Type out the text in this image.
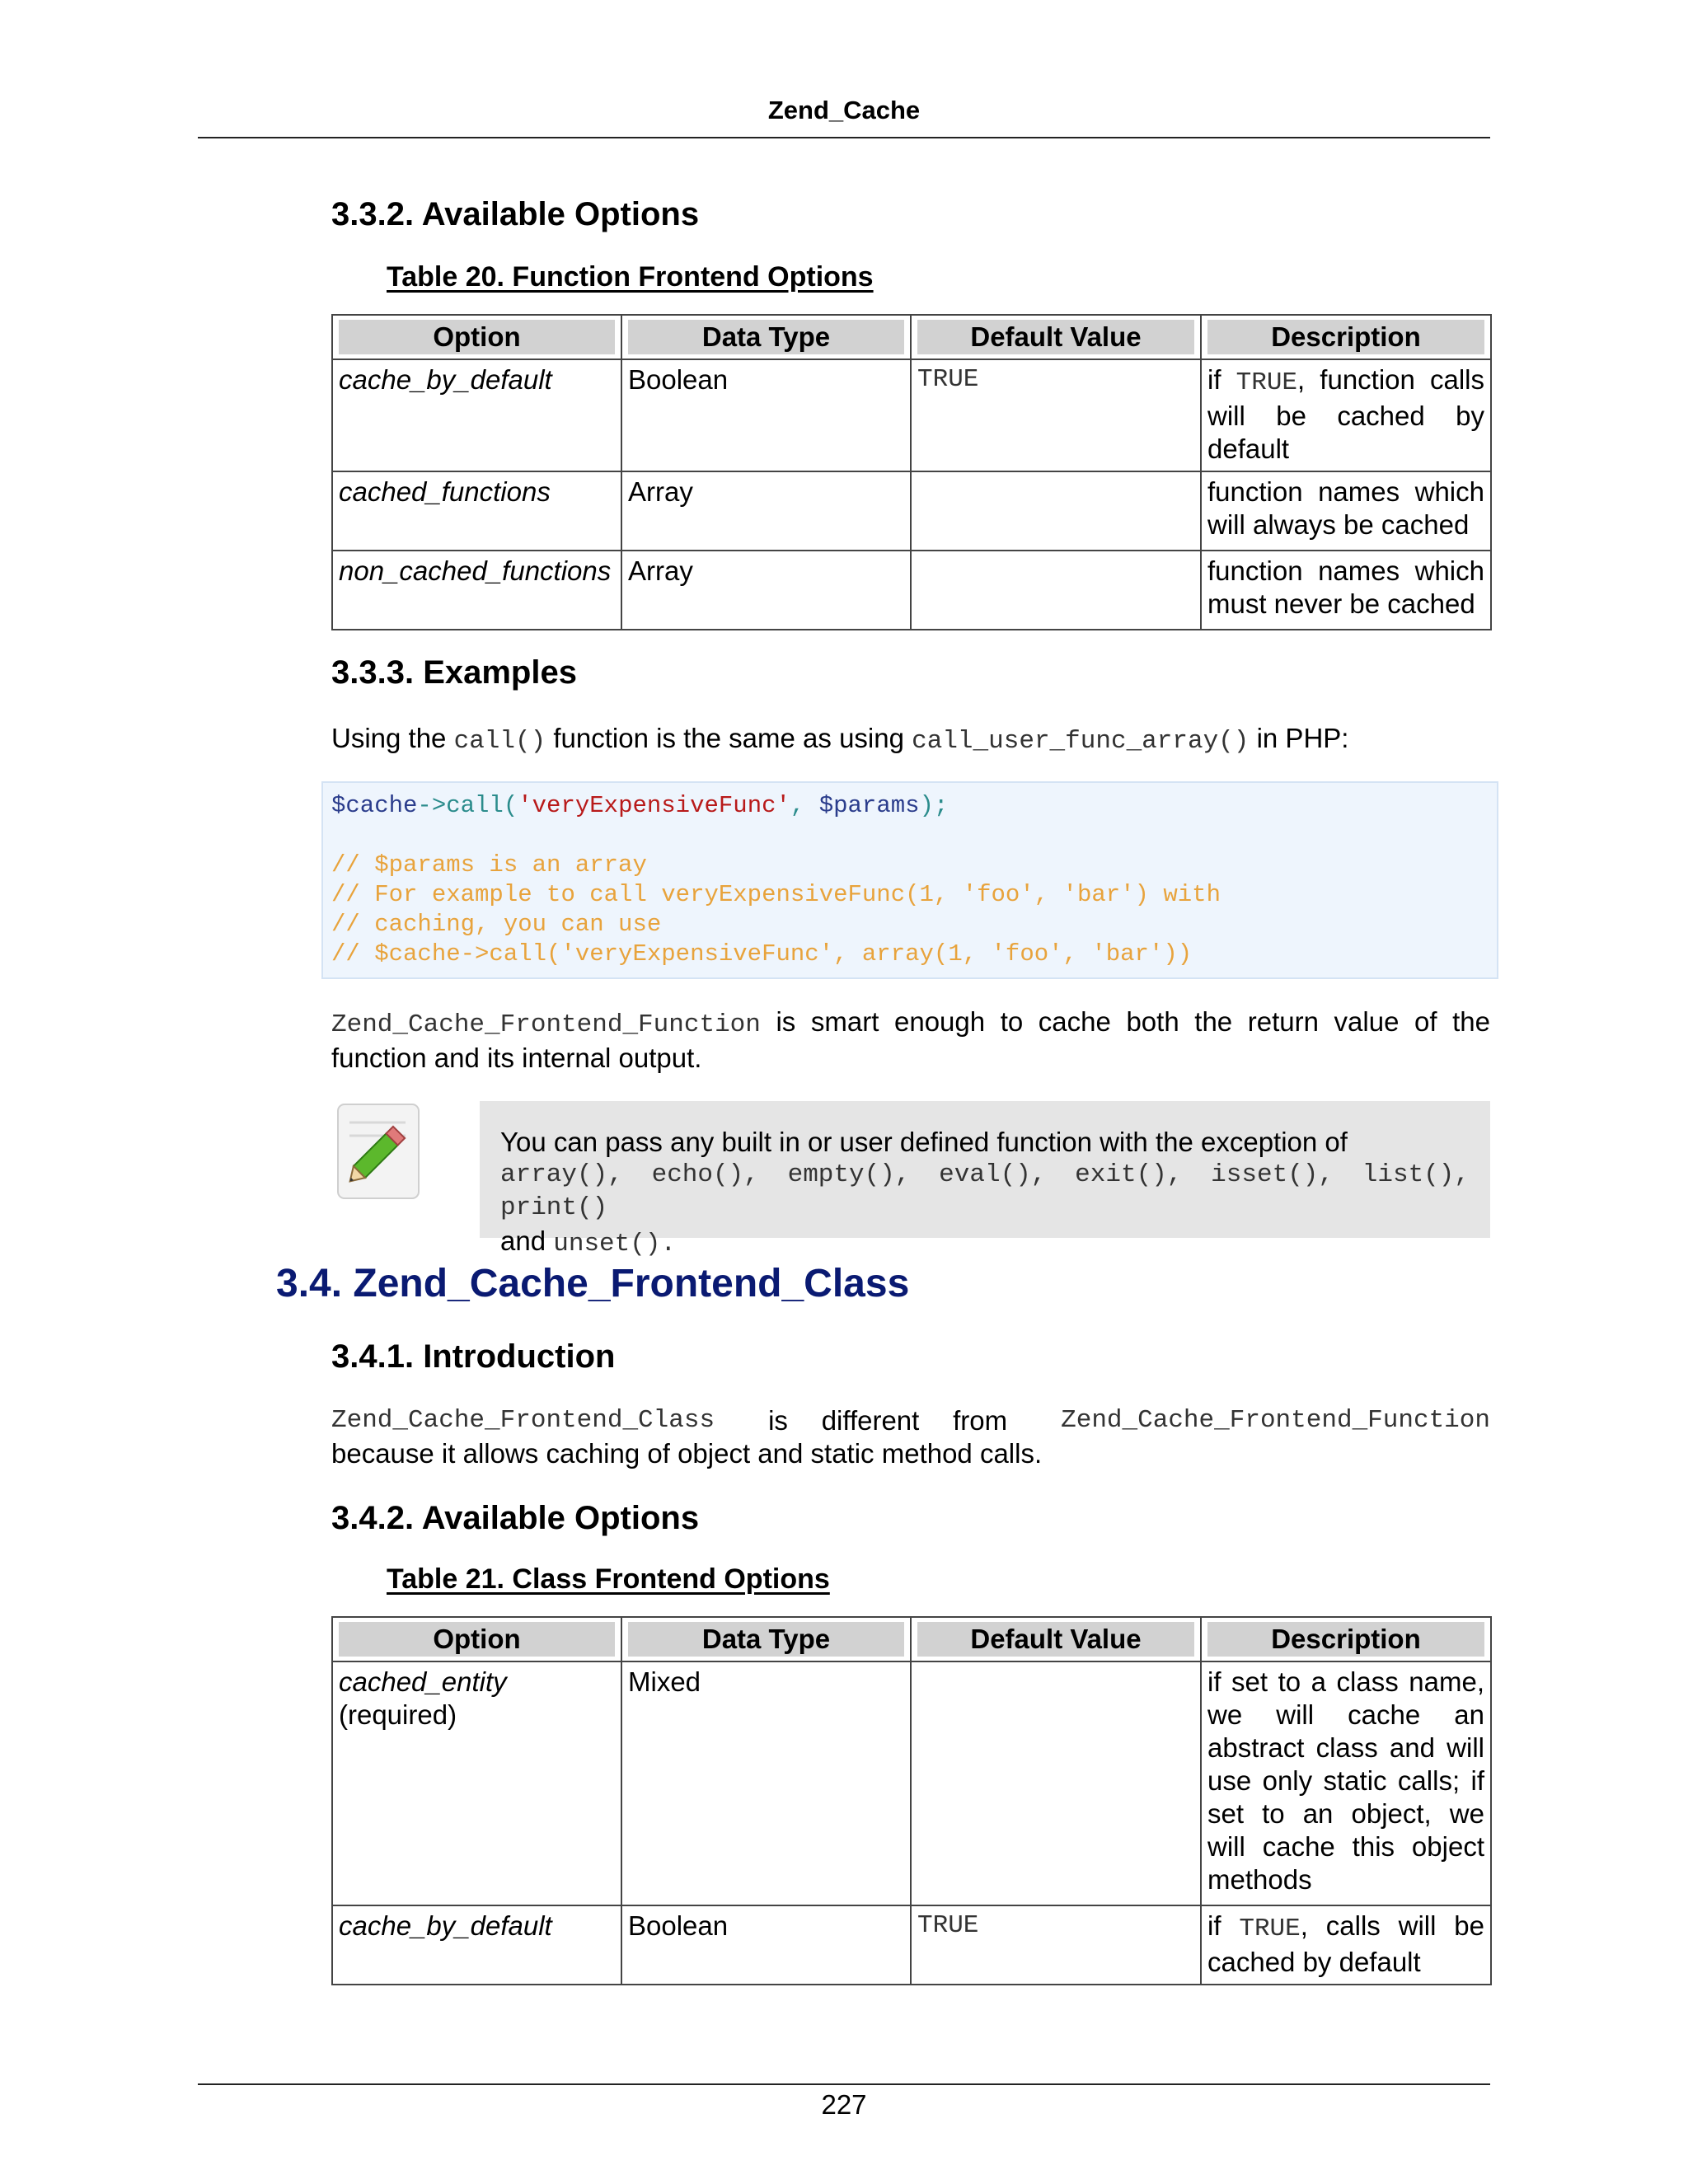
Zend_Cache
3.3.2. Available Options
Table 20. Function Frontend Options
Option	Data Type	Default Value	Description

cache_by_default	Boolean	TRUE	if TRUE, function calls will be cached by default
cached_functions	Array		function names which will always be cached
non_cached_functions	Array		function names which must never be cached
3.3.3. Examples
Using the call() function is the same as using call_user_func_array() in PHP:
$cache->call('veryExpensiveFunc', $params);

// $params is an array
// For example to call veryExpensiveFunc(1, 'foo', 'bar') with
// caching, you can use
// $cache->call('veryExpensiveFunc', array(1, 'foo', 'bar'))
Zend_Cache_Frontend_Function is smart enough to cache both the return value of the function and its internal output.
You can pass any built in or user defined function with the exception of
array(), echo(), empty(), eval(), exit(), isset(), list(), print()
and unset().
3.4. Zend_Cache_Frontend_Class
3.4.1. Introduction
Zend_Cache_Frontend_Class is different from Zend_Cache_Frontend_Function
because it allows caching of object and static method calls.
3.4.2. Available Options
Table 21. Class Frontend Options
Option	Data Type	Default Value	Description

cached_entity
(required)	Mixed		if set to a class name, we will cache an abstract class and will use only static calls; if set to an object, we will cache this object methods
cache_by_default	Boolean	TRUE	if TRUE, calls will be cached by default
227
